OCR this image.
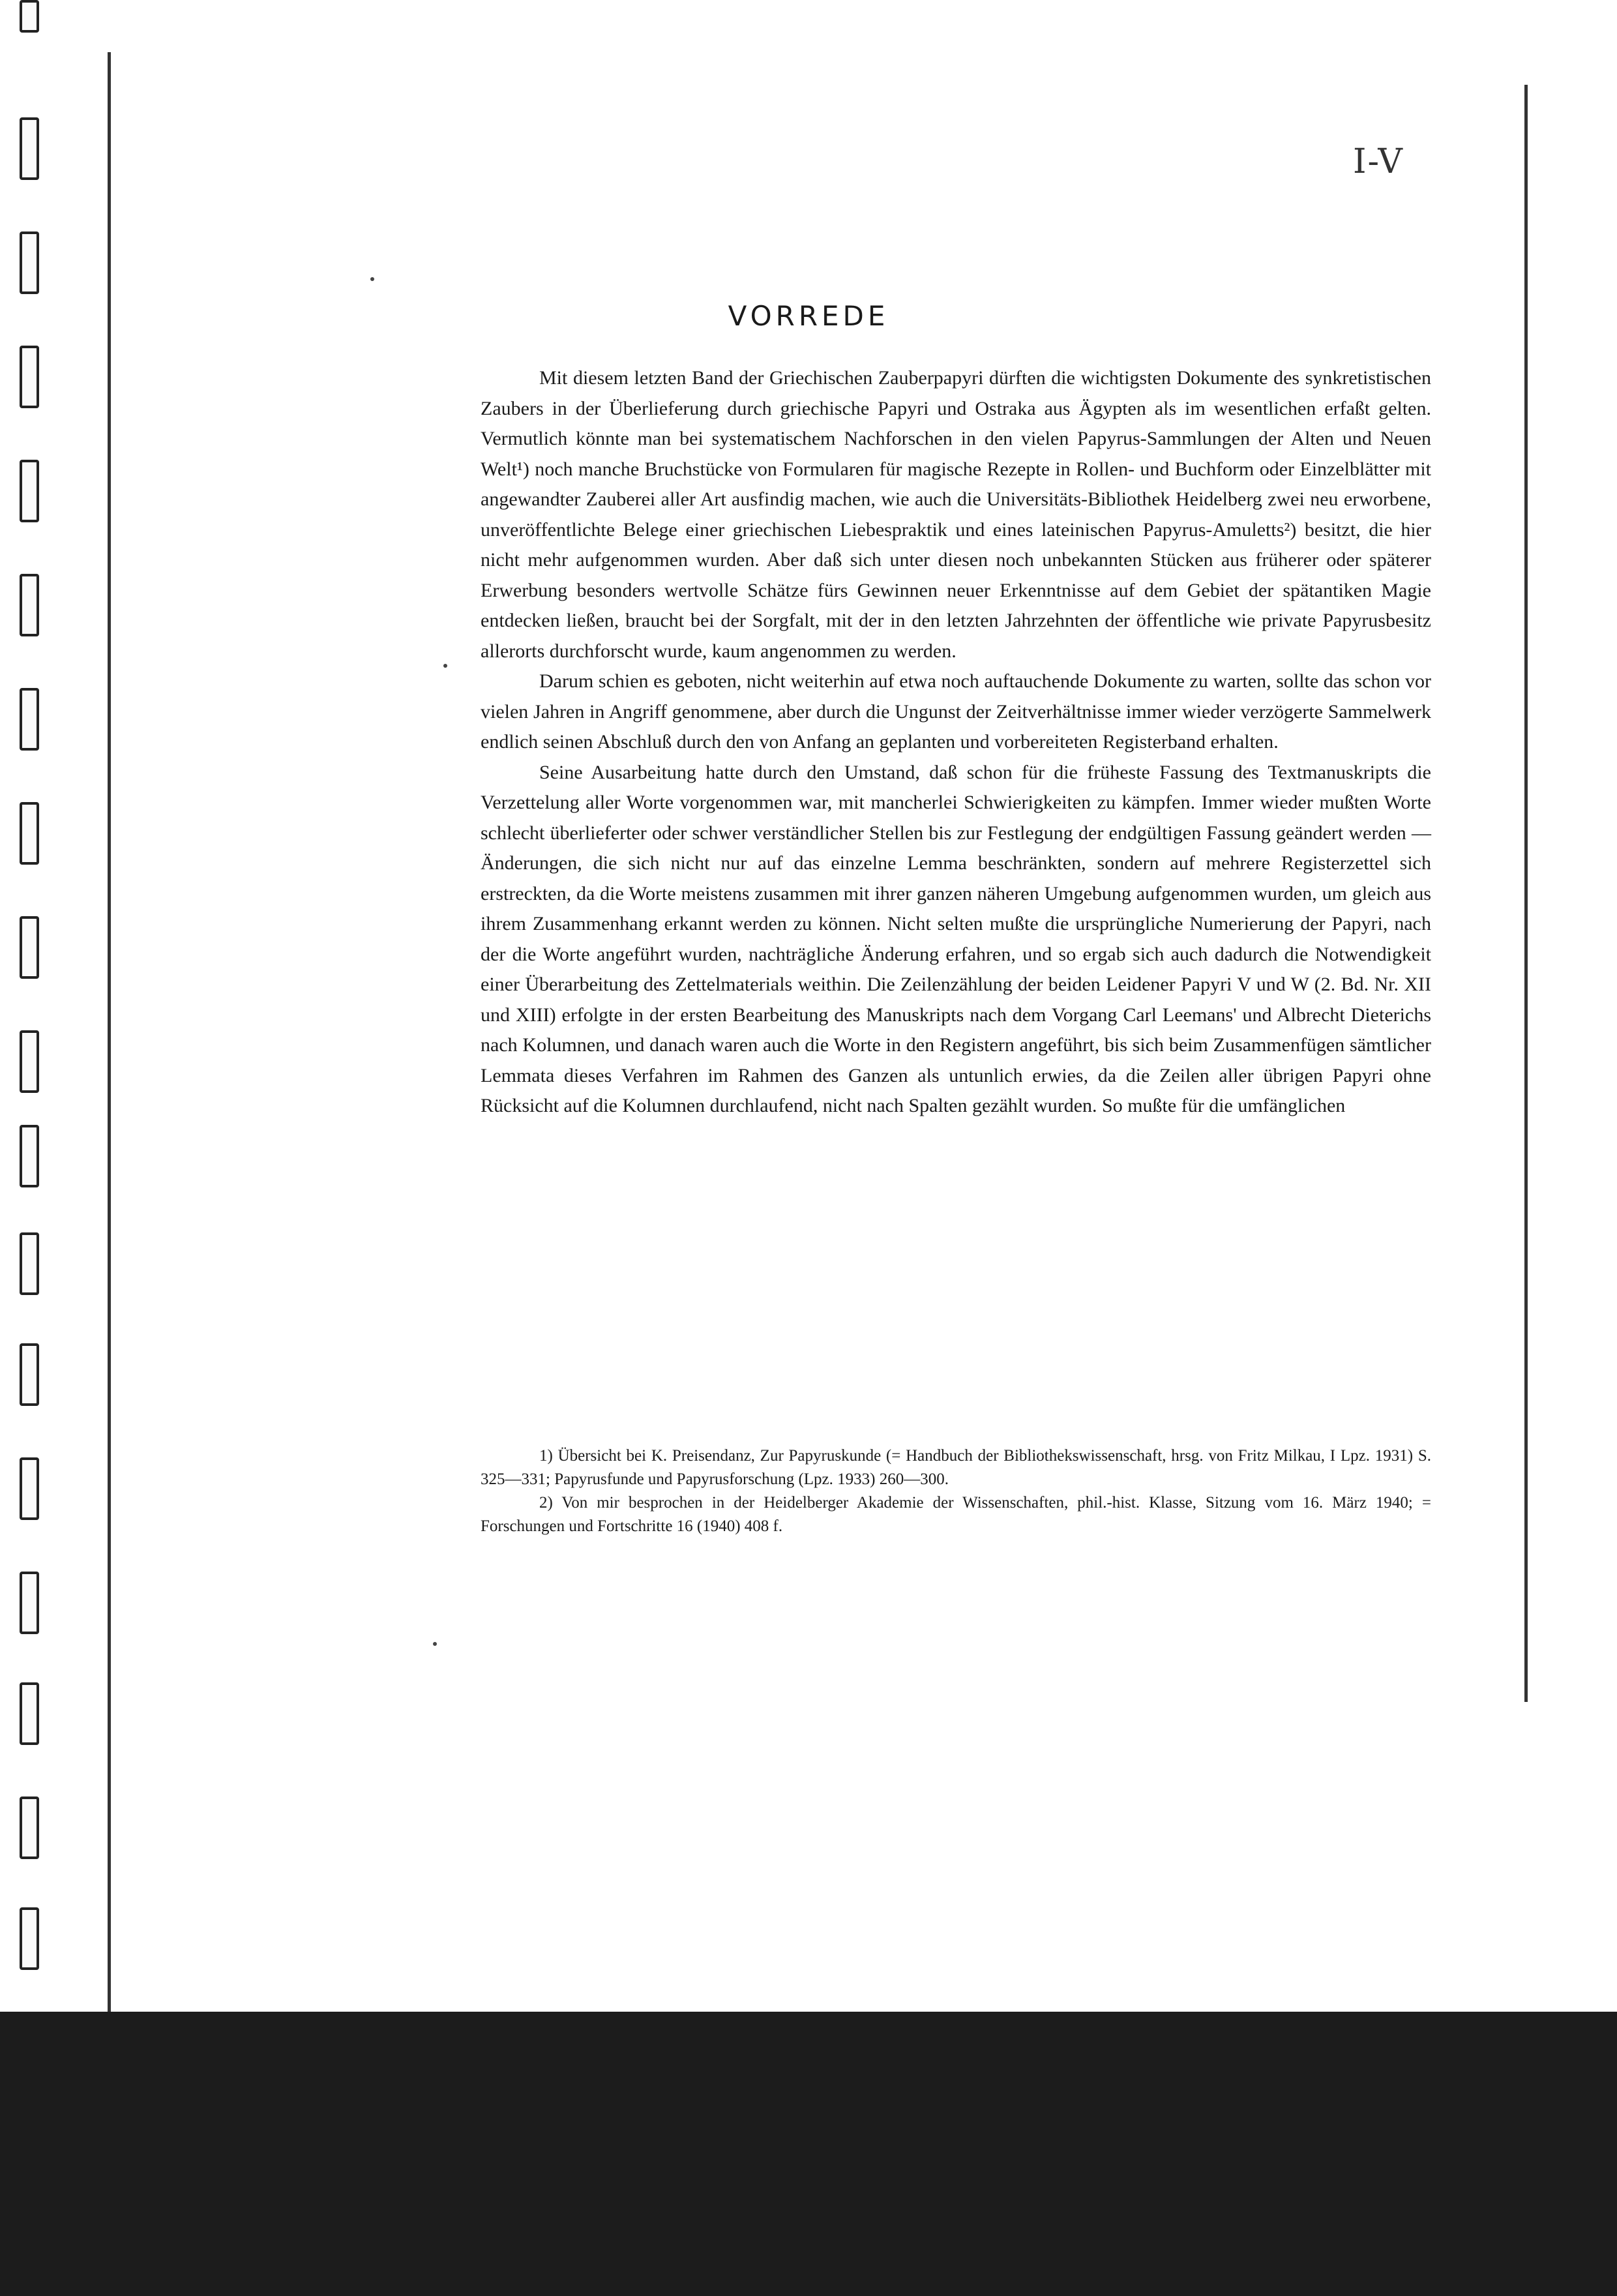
I-V
VORREDE

Mit diesem letzten Band der Griechischen Zauberpapyri dürften die wichtigsten Dokumente des synkretistischen Zaubers in der Überlieferung durch griechische Papyri und Ostraka aus Ägypten als im wesentlichen erfaßt gelten. Vermutlich könnte man bei systematischem Nachforschen in den vielen Papyrus-Sammlungen der Alten und Neuen Welt¹) noch manche Bruchstücke von Formularen für magische Rezepte in Rollen- und Buchform oder Einzelblätter mit angewandter Zauberei aller Art ausfindig machen, wie auch die Universitäts-Bibliothek Heidelberg zwei neu erworbene, unveröffentlichte Belege einer griechischen Liebespraktik und eines lateinischen Papyrus-Amuletts²) besitzt, die hier nicht mehr aufgenommen wurden. Aber daß sich unter diesen noch unbekannten Stücken aus früherer oder späterer Erwerbung besonders wertvolle Schätze fürs Gewinnen neuer Erkenntnisse auf dem Gebiet der spätantiken Magie entdecken ließen, braucht bei der Sorgfalt, mit der in den letzten Jahrzehnten der öffentliche wie private Papyrusbesitz allerorts durchforscht wurde, kaum angenommen zu werden.

Darum schien es geboten, nicht weiterhin auf etwa noch auftauchende Dokumente zu warten, sollte das schon vor vielen Jahren in Angriff genommene, aber durch die Ungunst der Zeitverhältnisse immer wieder verzögerte Sammelwerk endlich seinen Abschluß durch den von Anfang an geplanten und vorbereiteten Registerband erhalten.

Seine Ausarbeitung hatte durch den Umstand, daß schon für die früheste Fassung des Textmanuskripts die Verzettelung aller Worte vorgenommen war, mit mancherlei Schwierigkeiten zu kämpfen. Immer wieder mußten Worte schlecht überlieferter oder schwer verständlicher Stellen bis zur Festlegung der endgültigen Fassung geändert werden — Änderungen, die sich nicht nur auf das einzelne Lemma beschränkten, sondern auf mehrere Registerzettel sich erstreckten, da die Worte meistens zusammen mit ihrer ganzen näheren Umgebung aufgenommen wurden, um gleich aus ihrem Zusammenhang erkannt werden zu können. Nicht selten mußte die ursprüngliche Numerierung der Papyri, nach der die Worte angeführt wurden, nachträgliche Änderung erfahren, und so ergab sich auch dadurch die Notwendigkeit einer Überarbeitung des Zettelmaterials weithin. Die Zeilenzählung der beiden Leidener Papyri V und W (2. Bd. Nr. XII und XIII) erfolgte in der ersten Bearbeitung des Manuskripts nach dem Vorgang Carl Leemans' und Albrecht Dieterichs nach Kolumnen, und danach waren auch die Worte in den Registern angeführt, bis sich beim Zusammenfügen sämtlicher Lemmata dieses Verfahren im Rahmen des Ganzen als untunlich erwies, da die Zeilen aller übrigen Papyri ohne Rücksicht auf die Kolumnen durchlaufend, nicht nach Spalten gezählt wurden. So mußte für die umfänglichen

1) Übersicht bei K. Preisendanz, Zur Papyruskunde (= Handbuch der Bibliothekswissenschaft, hrsg. von Fritz Milkau, I Lpz. 1931) S. 325—331; Papyrusfunde und Papyrusforschung (Lpz. 1933) 260—300.

2) Von mir besprochen in der Heidelberger Akademie der Wissenschaften, phil.-hist. Klasse, Sitzung vom 16. März 1940; = Forschungen und Fortschritte 16 (1940) 408 f.
